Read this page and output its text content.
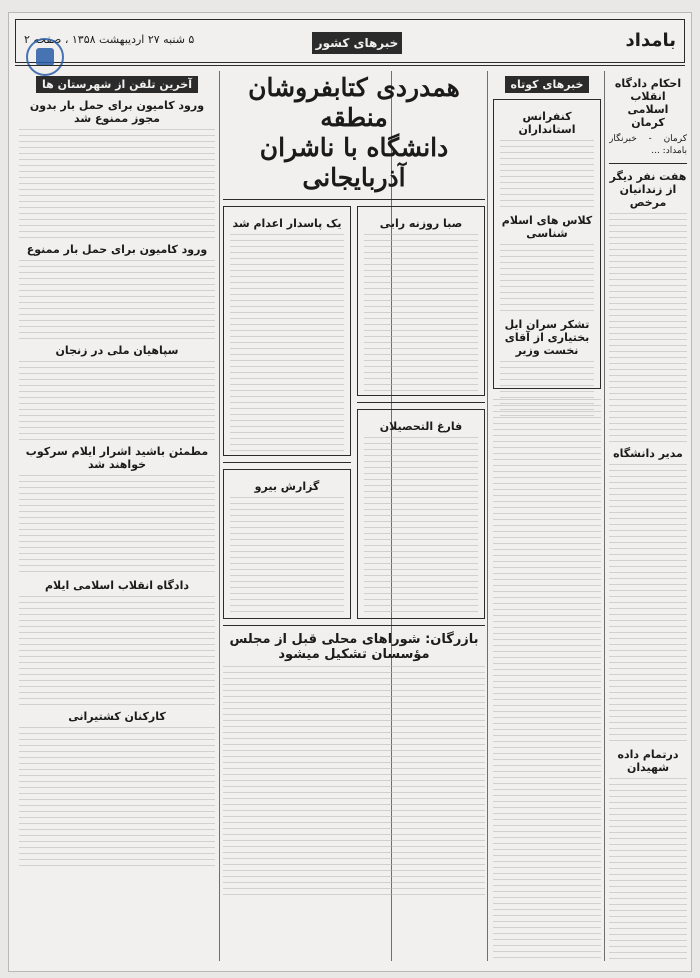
بامداد
خبرهای کشور
۵ شنبه ۲۷ اردیبهشت ۱۳۵۸ ، صفحه ۲
احکام دادگاه انقلاب اسلامی کرمان
کرمان - خبرنگار بامداد: ...
هفت نفر دیگر از زندانیان مرخص
مدیر دانشگاه
درتمام داده شهیدان
خبرهای کوتاه
کنفرانس استانداران
کلاس های اسلام شناسی
تشکر سران ایل بختیاری از آقای نخست وزیر
همدردی کتابفروشان منطقه
دانشگاه با ناشران آذربایجانی
صبا روزنه رابی
فارغ التحصیلان
یک پاسدار اعدام شد
گزارش بیرو
بازرگان: شوراهای محلی قبل از مجلس مؤسسان تشکیل میشود
آخرین تلفن از شهرستان ها
ورود کامیون برای حمل بار بدون مجوز ممنوع شد
ورود کامیون برای حمل بار ممنوع
سپاهیان ملی در زنجان
مطمئن باشید اشرار ایلام سرکوب خواهند شد
دادگاه انقلاب اسلامی ایلام
کارکنان کشتیرانی
